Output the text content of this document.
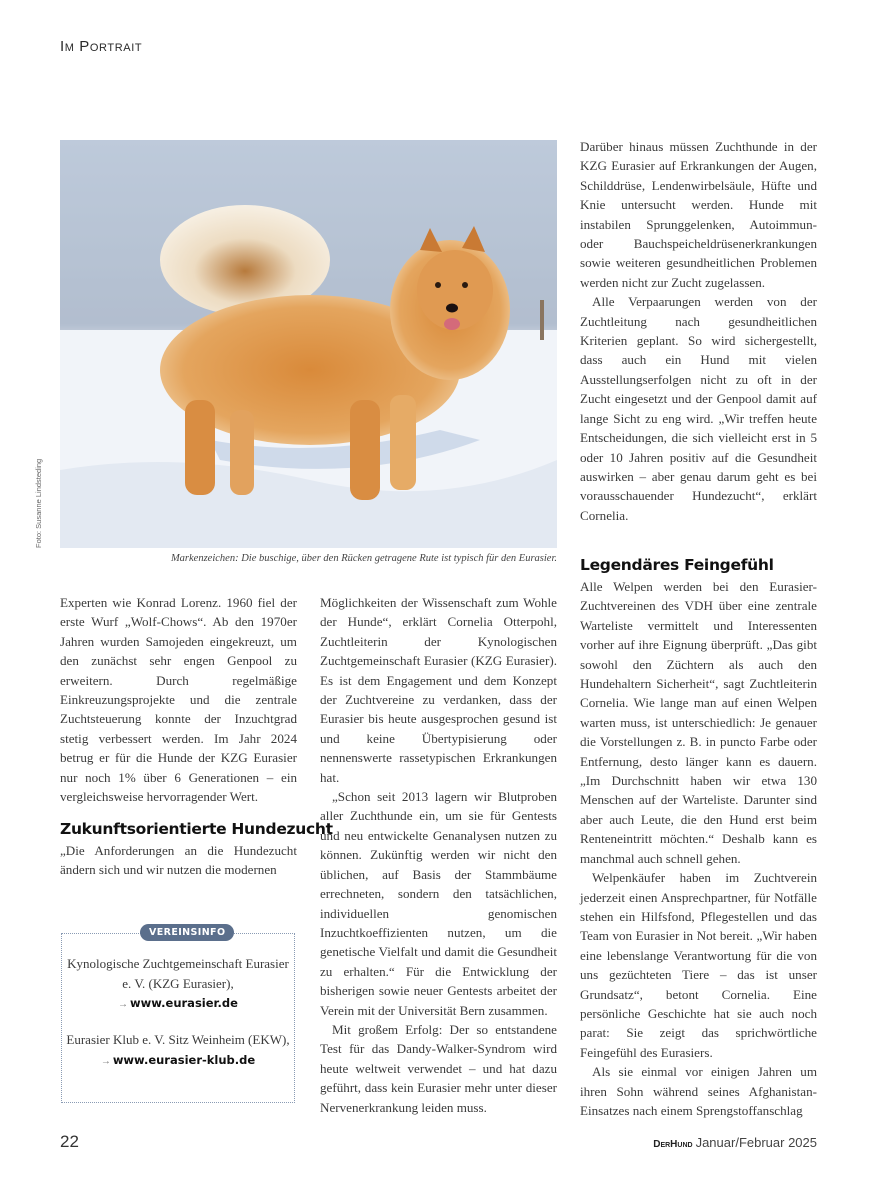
Im Portrait
Foto: Susanne Lindsteding
Markenzeichen: Die buschige, über den Rücken getragene Rute ist typisch für den Eurasier.

Experten wie Konrad Lorenz. 1960 fiel der erste Wurf „Wolf-Chows“. Ab den 1970er Jahren wurden Samojeden eingekreuzt, um den zunächst sehr engen Genpool zu erweitern. Durch regelmäßige Einkreuzungsprojekte und die zentrale Zuchtsteuerung konnte der Inzuchtgrad stetig verbessert werden. Im Jahr 2024 betrug er für die Hunde der KZG Eurasier nur noch 1% über 6 Generationen – ein vergleichsweise hervorragender Wert.

Zukunftsorientierte Hundezucht

„Die Anforderungen an die Hundezucht ändern sich und wir nutzen die modernen

VEREINSINFO
Kynologische Zuchtgemeinschaft Eurasier e. V. (KZG Eurasier),
→ www.eurasier.de
Eurasier Klub e. V. Sitz Weinheim (EKW), → www.eurasier-klub.de

Möglichkeiten der Wissenschaft zum Wohle der Hunde“, erklärt Cornelia Otterpohl, Zuchtleiterin der Kynologischen Zuchtgemeinschaft Eurasier (KZG Eurasier). Es ist dem Engagement und dem Konzept der Zuchtvereine zu verdanken, dass der Eurasier bis heute ausgesprochen gesund ist und keine Übertypisierung oder nennenswerte rassetypischen Erkrankungen hat.

„Schon seit 2013 lagern wir Blutproben aller Zuchthunde ein, um sie für Gentests und neu entwickelte Genanalysen nutzen zu können. Zukünftig werden wir nicht den üblichen, auf Basis der Stammbäume errechneten, sondern den tatsächlichen, individuellen genomischen Inzuchtkoeffizienten nutzen, um die genetische Vielfalt und damit die Gesundheit zu erhalten.“ Für die Entwicklung der bisherigen sowie neuer Gentests arbeitet der Verein mit der Universität Bern zusammen.

Mit großem Erfolg: Der so entstandene Test für das Dandy-Walker-Syndrom wird heute weltweit verwendet – und hat dazu geführt, dass kein Eurasier mehr unter dieser Nervenerkrankung leiden muss.

Darüber hinaus müssen Zuchthunde in der KZG Eurasier auf Erkrankungen der Augen, Schilddrüse, Lendenwirbelsäule, Hüfte und Knie untersucht werden. Hunde mit instabilen Sprunggelenken, Autoimmun- oder Bauchspeicheldrüsenerkrankungen sowie weiteren gesundheitlichen Problemen werden nicht zur Zucht zugelassen.

Alle Verpaarungen werden von der Zuchtleitung nach gesundheitlichen Kriterien geplant. So wird sichergestellt, dass auch ein Hund mit vielen Ausstellungserfolgen nicht zu oft in der Zucht eingesetzt und der Genpool damit auf lange Sicht zu eng wird. „Wir treffen heute Entscheidungen, die sich vielleicht erst in 5 oder 10 Jahren positiv auf die Gesundheit auswirken – aber genau darum geht es bei vorausschauender Hundezucht“, erklärt Cornelia.

Legendäres Feingefühl

Alle Welpen werden bei den Eurasier-Zuchtvereinen des VDH über eine zentrale Warteliste vermittelt und Interessenten vorher auf ihre Eignung überprüft. „Das gibt sowohl den Züchtern als auch den Hundehaltern Sicherheit“, sagt Zuchtleiterin Cornelia. Wie lange man auf einen Welpen warten muss, ist unterschiedlich: Je genauer die Vorstellungen z. B. in puncto Farbe oder Entfernung, desto länger kann es dauern. „Im Durchschnitt haben wir etwa 130 Menschen auf der Warteliste. Darunter sind aber auch Leute, die den Hund erst beim Renteneintritt möchten.“ Deshalb kann es manchmal auch schnell gehen.

Welpenkäufer haben im Zuchtverein jederzeit einen Ansprechpartner, für Notfälle stehen ein Hilfsfond, Pflegestellen und das Team von Eurasier in Not bereit. „Wir haben eine lebenslange Verantwortung für die von uns gezüchteten Tiere – das ist unser Grundsatz“, betont Cornelia. Eine persönliche Geschichte hat sie auch noch parat: Sie zeigt das sprichwörtliche Feingefühl des Eurasiers.

Als sie einmal vor einigen Jahren um ihren Sohn während seines Afghanistan-Einsatzes nach einem Sprengstoffanschlag

22	DerHund Januar/Februar 2025
